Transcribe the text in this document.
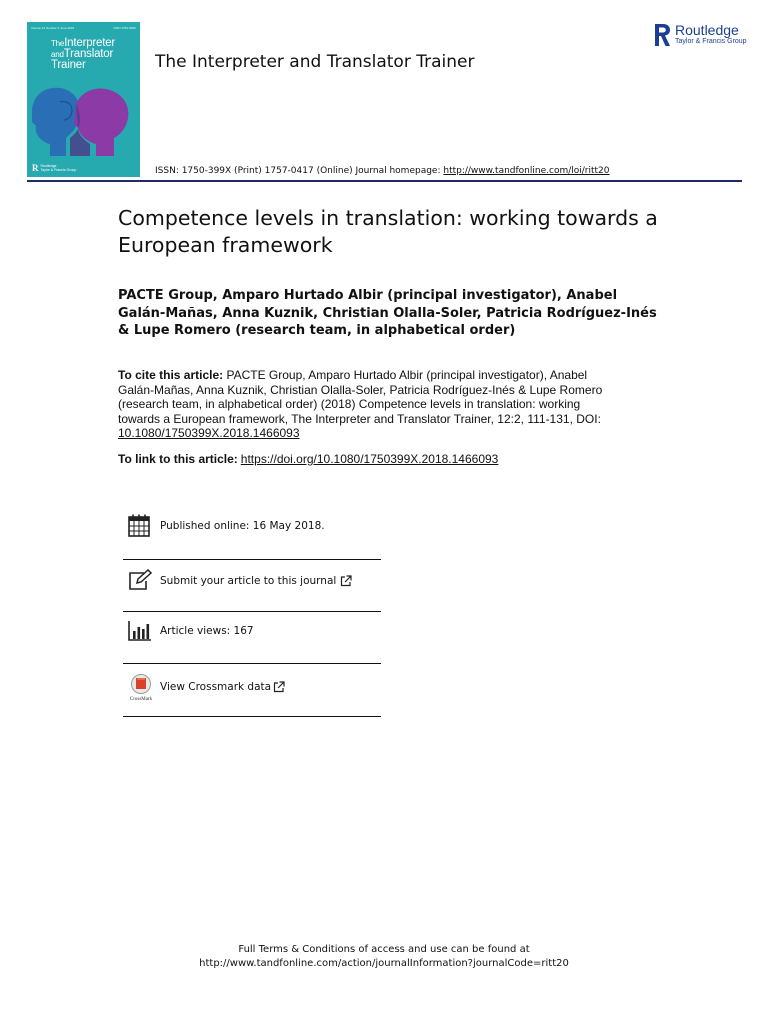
Volume 12 Number 2 June 2018	ISSN 1750-399X
TheInterpreter
andTranslator
Trainer
R Routledge
Taylor & Francis Group
The Interpreter and Translator Trainer
Routledge
Taylor & Francis Group
ISSN: 1750-399X (Print) 1757-0417 (Online) Journal homepage: http://www.tandfonline.com/loi/ritt20
Competence levels in translation: working towards a European framework
PACTE Group, Amparo Hurtado Albir (principal investigator), Anabel Galán-Mañas, Anna Kuznik, Christian Olalla-Soler, Patricia Rodríguez-Inés & Lupe Romero (research team, in alphabetical order)
To cite this article: PACTE Group, Amparo Hurtado Albir (principal investigator), Anabel Galán-Mañas, Anna Kuznik, Christian Olalla-Soler, Patricia Rodríguez-Inés & Lupe Romero (research team, in alphabetical order) (2018) Competence levels in translation: working towards a European framework, The Interpreter and Translator Trainer, 12:2, 111-131, DOI: 10.1080/1750399X.2018.1466093
To link to this article: https://doi.org/10.1080/1750399X.2018.1466093
Published online: 16 May 2018.
Submit your article to this journal
Article views: 167
CrossMark
View Crossmark data
Full Terms & Conditions of access and use can be found at
http://www.tandfonline.com/action/journalInformation?journalCode=ritt20
